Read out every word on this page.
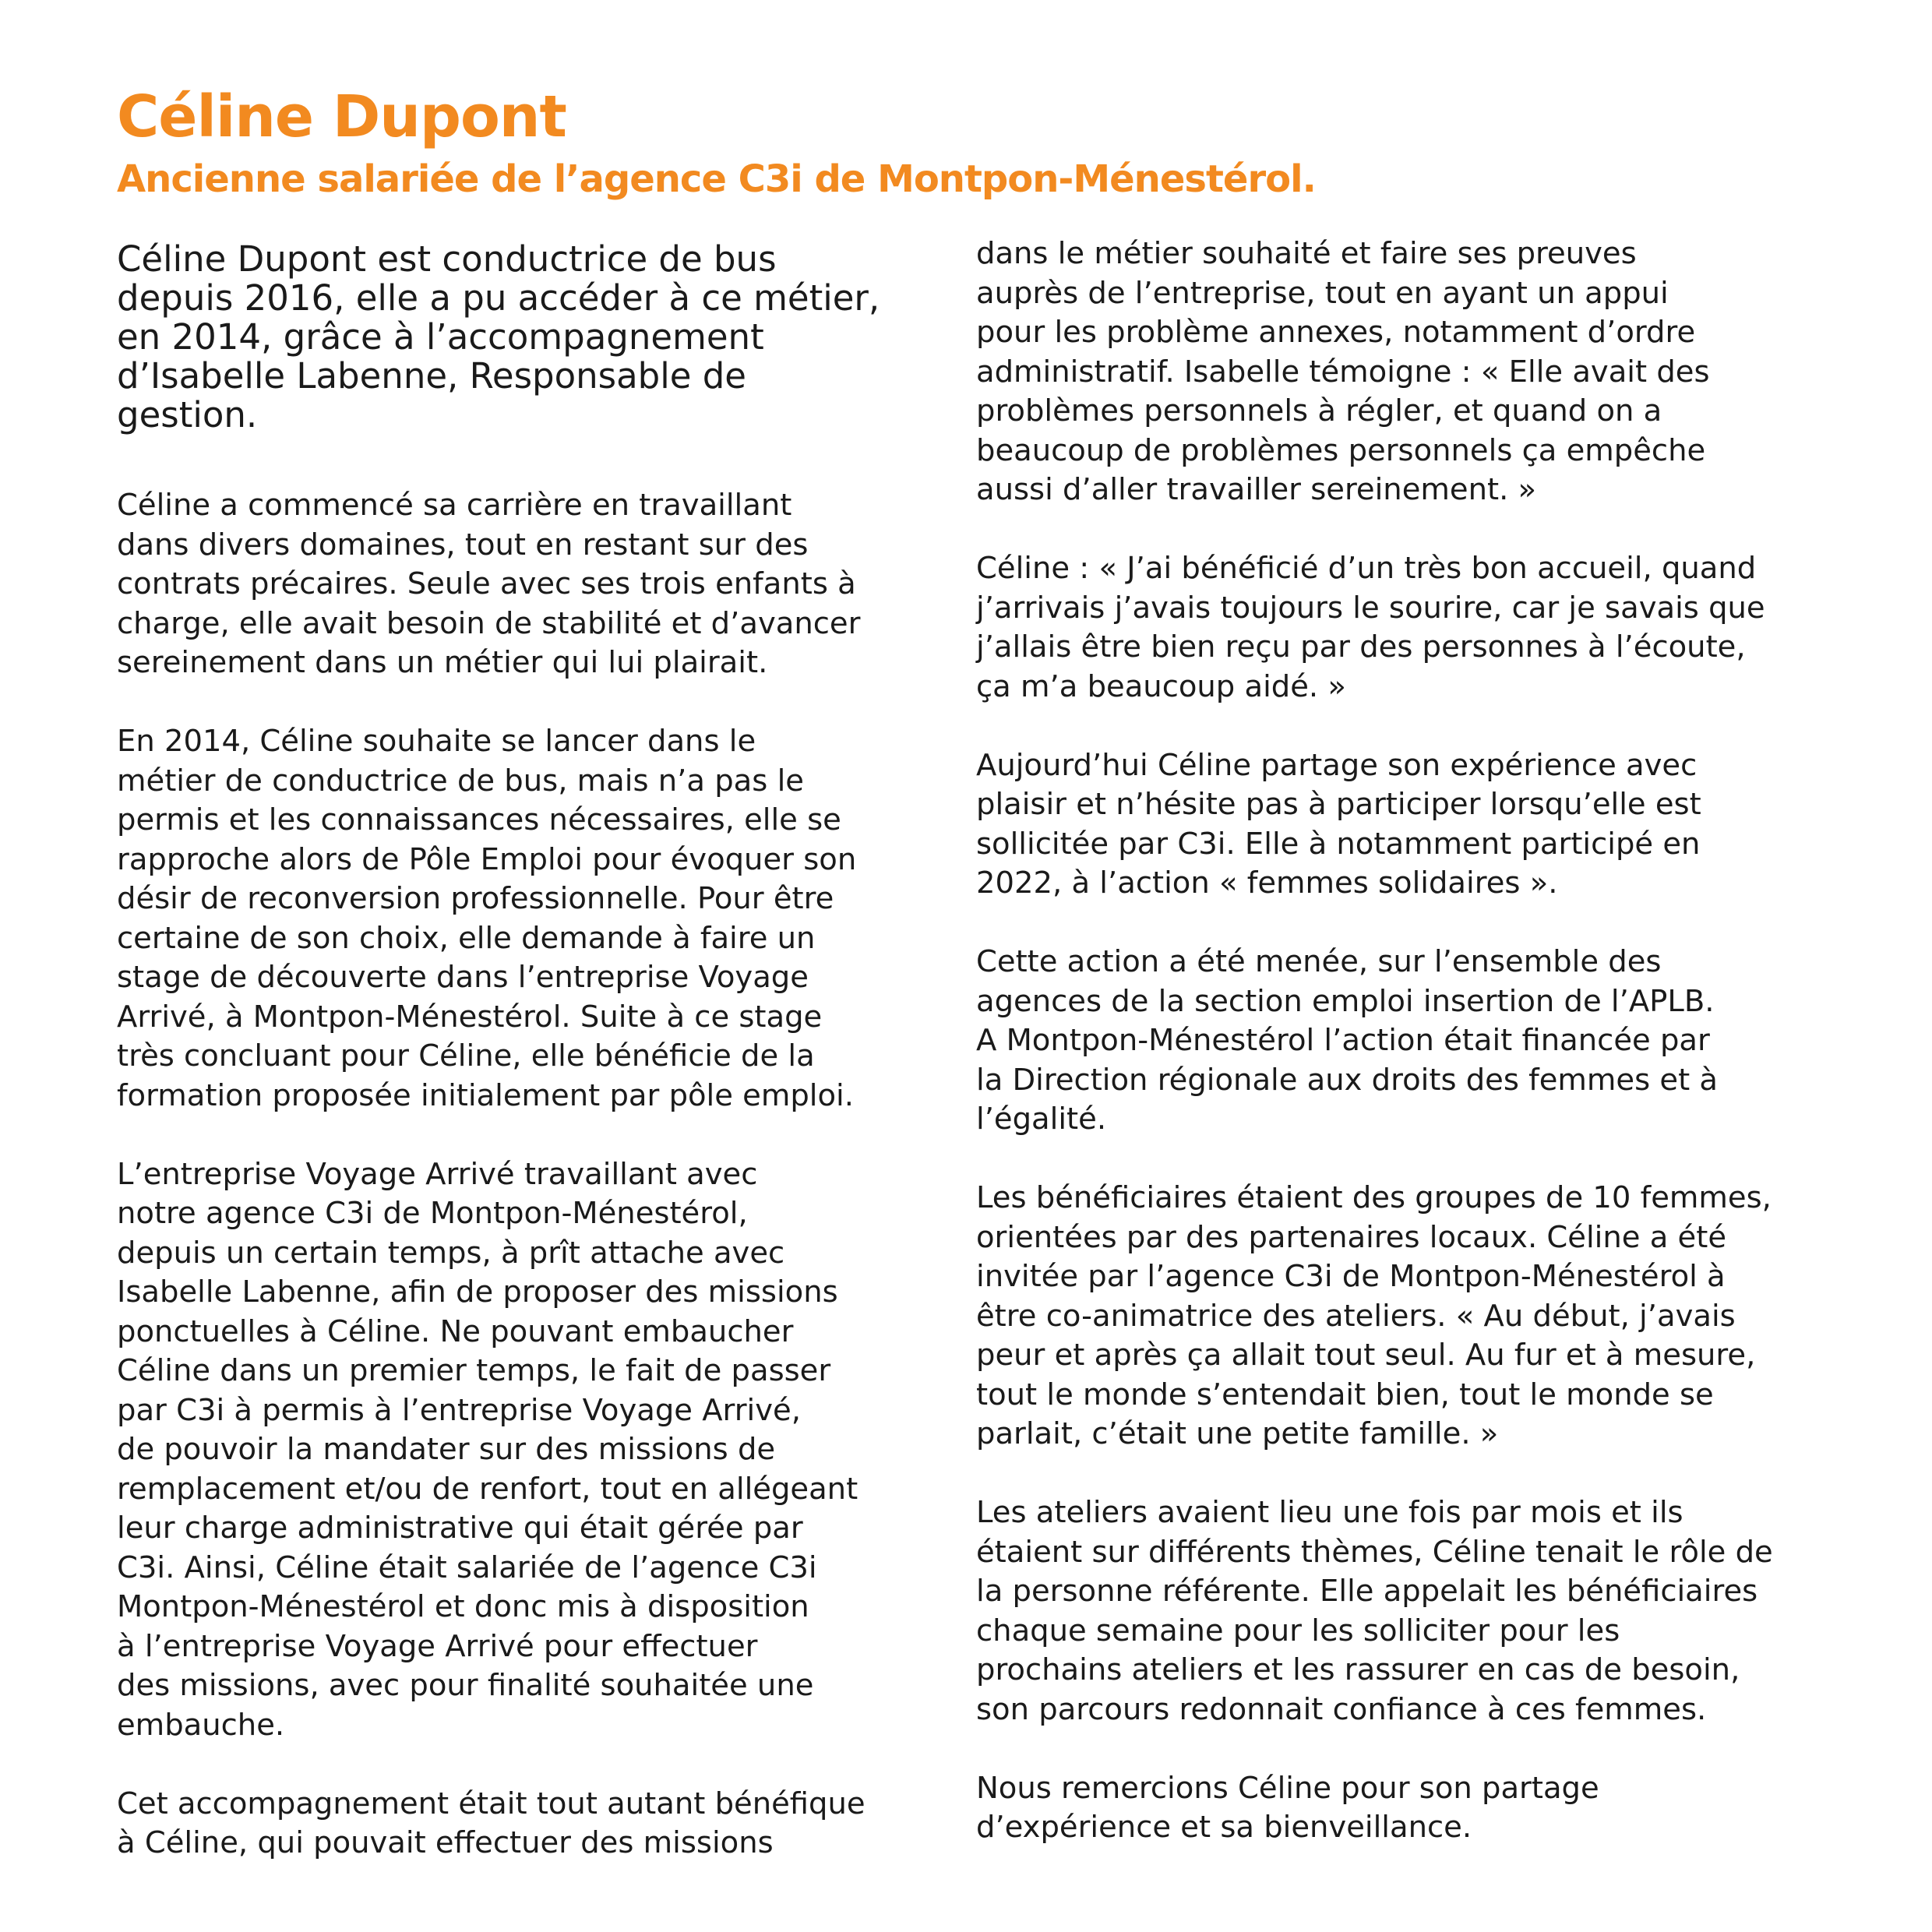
Céline Dupont
Ancienne salariée de l’agence C3i de Montpon-Ménestérol.

Céline Dupont est conductrice de bus
depuis 2016, elle a pu accéder à ce métier,
en 2014, grâce à l’accompagnement
d’Isabelle Labenne, Responsable de
gestion.

Céline a commencé sa carrière en travaillant
dans divers domaines, tout en restant sur des
contrats précaires. Seule avec ses trois enfants à
charge, elle avait besoin de stabilité et d’avancer
sereinement dans un métier qui lui plairait.

En 2014, Céline souhaite se lancer dans le
métier de conductrice de bus, mais n’a pas le
permis et les connaissances nécessaires, elle se
rapproche alors de Pôle Emploi pour évoquer son
désir de reconversion professionnelle. Pour être
certaine de son choix, elle demande à faire un
stage de découverte dans l’entreprise Voyage
Arrivé, à Montpon-Ménestérol. Suite à ce stage
très concluant pour Céline, elle bénéficie de la
formation proposée initialement par pôle emploi.

L’entreprise Voyage Arrivé travaillant avec
notre agence C3i de Montpon-Ménestérol,
depuis un certain temps, à prît attache avec
Isabelle Labenne, afin de proposer des missions
ponctuelles à Céline. Ne pouvant embaucher
Céline dans un premier temps, le fait de passer
par C3i à permis à l’entreprise Voyage Arrivé,
de pouvoir la mandater sur des missions de
remplacement et/ou de renfort, tout en allégeant
leur charge administrative qui était gérée par
C3i. Ainsi, Céline était salariée de l’agence C3i
Montpon-Ménestérol et donc mis à disposition
à l’entreprise Voyage Arrivé pour effectuer
des missions, avec pour finalité souhaitée une
embauche.

Cet accompagnement était tout autant bénéfique
à Céline, qui pouvait effectuer des missions

dans le métier souhaité et faire ses preuves
auprès de l’entreprise, tout en ayant un appui
pour les problème annexes, notamment d’ordre
administratif. Isabelle témoigne : « Elle avait des
problèmes personnels à régler, et quand on a
beaucoup de problèmes personnels ça empêche
aussi d’aller travailler sereinement. »

Céline : « J’ai bénéficié d’un très bon accueil, quand
j’arrivais j’avais toujours le sourire, car je savais que
j’allais être bien reçu par des personnes à l’écoute,
ça m’a beaucoup aidé. »

Aujourd’hui Céline partage son expérience avec
plaisir et n’hésite pas à participer lorsqu’elle est
sollicitée par C3i. Elle à notamment participé en
2022, à l’action « femmes solidaires ».

Cette action a été menée, sur l’ensemble des
agences de la section emploi insertion de l’APLB.
A Montpon-Ménestérol l’action était financée par
la Direction régionale aux droits des femmes et à
l’égalité.

Les bénéficiaires étaient des groupes de 10 femmes,
orientées par des partenaires locaux. Céline a été
invitée par l’agence C3i de Montpon-Ménestérol à
être co-animatrice des ateliers. « Au début, j’avais
peur et après ça allait tout seul. Au fur et à mesure,
tout le monde s’entendait bien, tout le monde se
parlait, c’était une petite famille. »

Les ateliers avaient lieu une fois par mois et ils
étaient sur différents thèmes, Céline tenait le rôle de
la personne référente. Elle appelait les bénéficiaires
chaque semaine pour les solliciter pour les
prochains ateliers et les rassurer en cas de besoin,
son parcours redonnait confiance à ces femmes.

Nous remercions Céline pour son partage
d’expérience et sa bienveillance.
